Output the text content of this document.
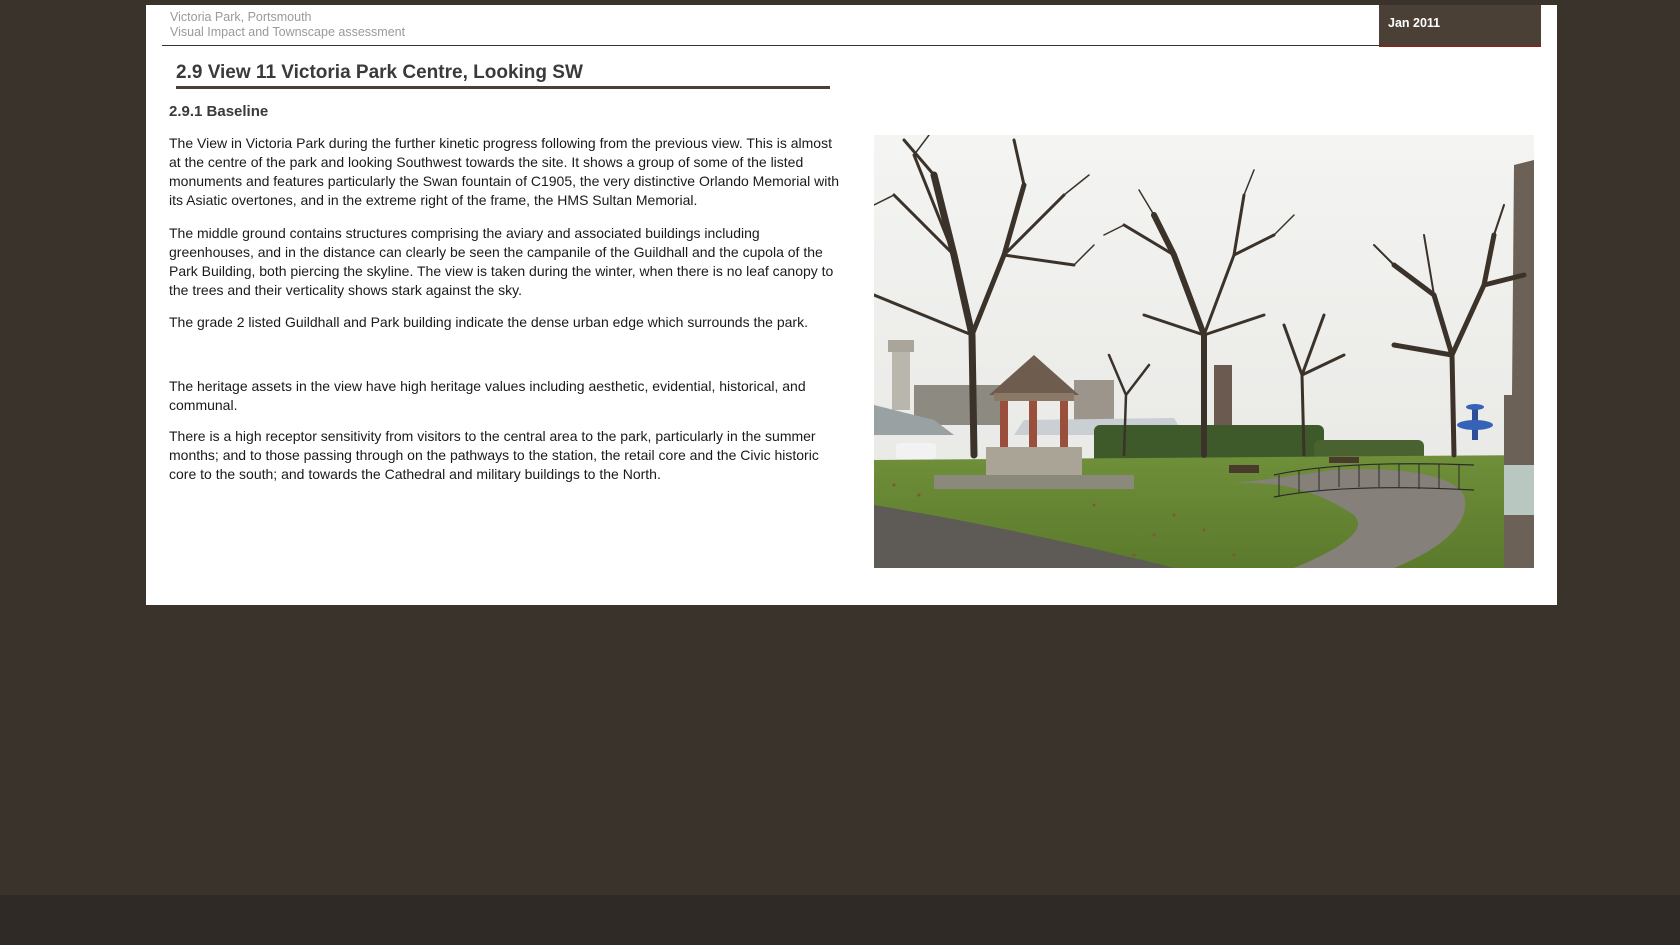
Victoria Park, Portsmouth
Visual Impact and Townscape assessment
Jan 2011
2.9 View 11 Victoria Park Centre, Looking SW
2.9.1 Baseline

The View in Victoria Park during the further kinetic progress following from the previous view. This is almost at the centre of the park and looking Southwest towards the site. It shows a group of some of the listed monuments and features particularly the Swan fountain of C1905, the very distinctive Orlando Memorial with its Asiatic overtones, and in the extreme right of the frame, the HMS Sultan Memorial.

The middle ground contains structures comprising the aviary and associated buildings including greenhouses, and in the distance can clearly be seen the campanile of the Guildhall and the cupola of the Park Building, both piercing the skyline. The view is taken during the winter, when there is no leaf canopy to the trees and their verticality shows stark against the sky.

The grade 2 listed Guildhall and Park building indicate the dense urban edge which surrounds the park.

The heritage assets in the view have high heritage values including aesthetic, evidential, historical, and communal.

There is a high receptor sensitivity from visitors to the central area to the park, particularly in the summer months; and to those passing through on the pathways to the station, the retail core and the Civic historic core to the south; and towards the Cathedral and military buildings to the North.
